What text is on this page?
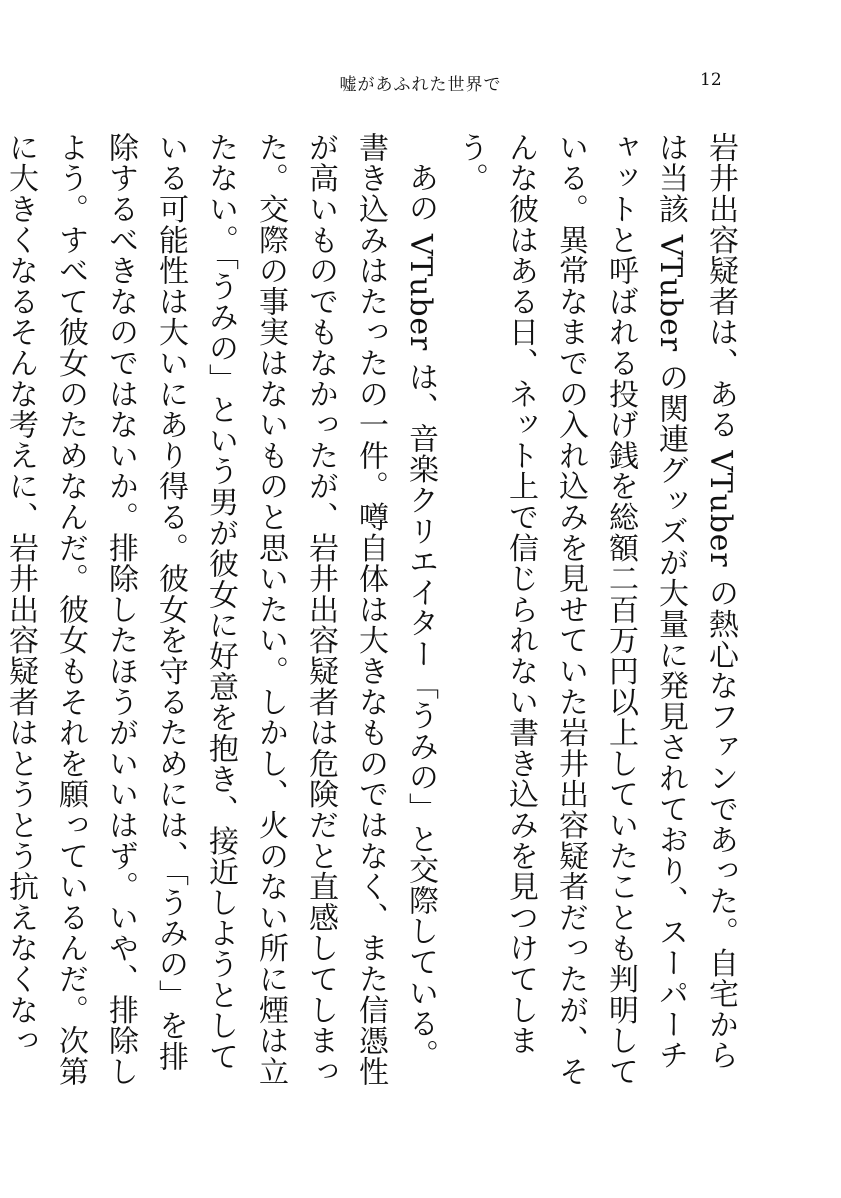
嘘があふれた世界で	12

岩井出容疑者は、ある VTuber の熱心なファンであった。自宅からは当該 VTuber の関連グッズが大量に発見されており、スーパーチャットと呼ばれる投げ銭を総額二百万円以上していたことも判明している。異常なまでの入れ込みを見せていた岩井出容疑者だったが、そんな彼はある日、ネット上で信じられない書き込みを見つけてしまう。

あの VTuber は、音楽クリエイター「うみの」と交際している。

書き込みはたったの一件。噂自体は大きなものではなく、また信憑性が高いものでもなかったが、岩井出容疑者は危険だと直感してしまった。交際の事実はないものと思いたい。しかし、火のない所に煙は立たない。「うみの」という男が彼女に好意を抱き、接近しようとしている可能性は大いにあり得る。彼女を守るためには、「うみの」を排除するべきなのではないか。排除したほうがいいはず。いや、排除しよう。すべて彼女のためなんだ。彼女もそれを願っているんだ。次第に大きくなるそんな考えに、岩井出容疑者はとうとう抗えなくなっ
